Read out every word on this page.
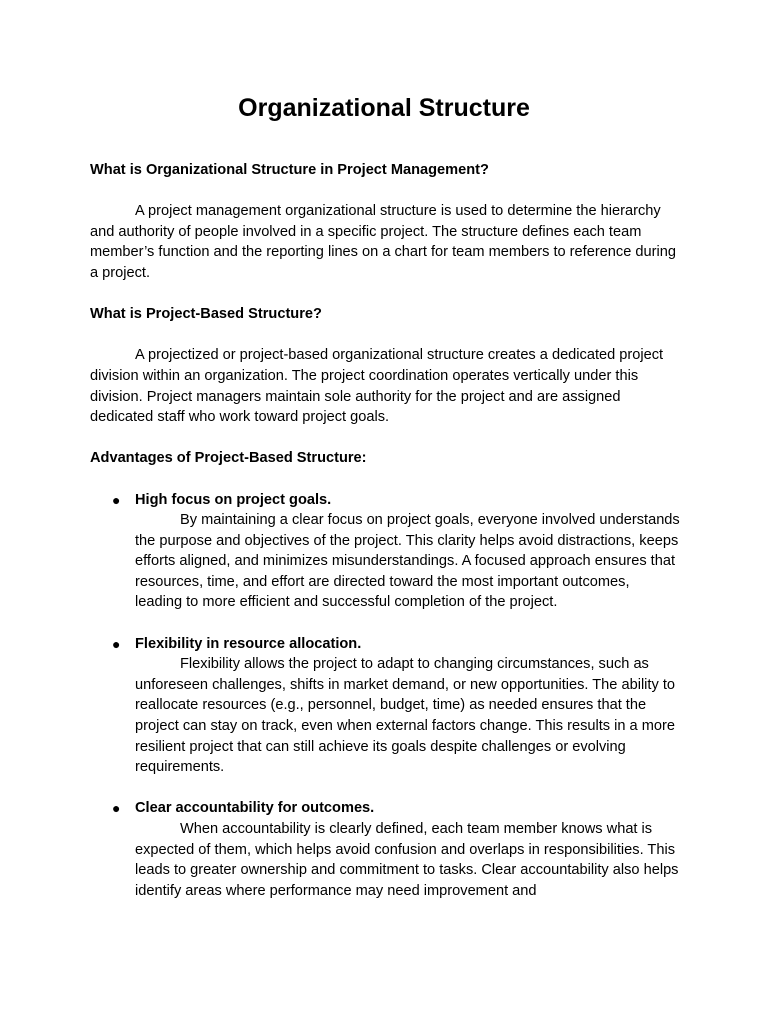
Organizational Structure
What is Organizational Structure in Project Management?
A project management organizational structure is used to determine the hierarchy and authority of people involved in a specific project. The structure defines each team member’s function and the reporting lines on a chart for team members to reference during a project.
What is Project-Based Structure?
A projectized or project-based organizational structure creates a dedicated project division within an organization. The project coordination operates vertically under this division. Project managers maintain sole authority for the project and are assigned dedicated staff who work toward project goals.
Advantages of Project-Based Structure:
● High focus on project goals.
By maintaining a clear focus on project goals, everyone involved understands the purpose and objectives of the project. This clarity helps avoid distractions, keeps efforts aligned, and minimizes misunderstandings. A focused approach ensures that resources, time, and effort are directed toward the most important outcomes, leading to more efficient and successful completion of the project.
● Flexibility in resource allocation.
Flexibility allows the project to adapt to changing circumstances, such as unforeseen challenges, shifts in market demand, or new opportunities. The ability to reallocate resources (e.g., personnel, budget, time) as needed ensures that the project can stay on track, even when external factors change. This results in a more resilient project that can still achieve its goals despite challenges or evolving requirements.
● Clear accountability for outcomes.
When accountability is clearly defined, each team member knows what is expected of them, which helps avoid confusion and overlaps in responsibilities. This leads to greater ownership and commitment to tasks. Clear accountability also helps identify areas where performance may need improvement and
